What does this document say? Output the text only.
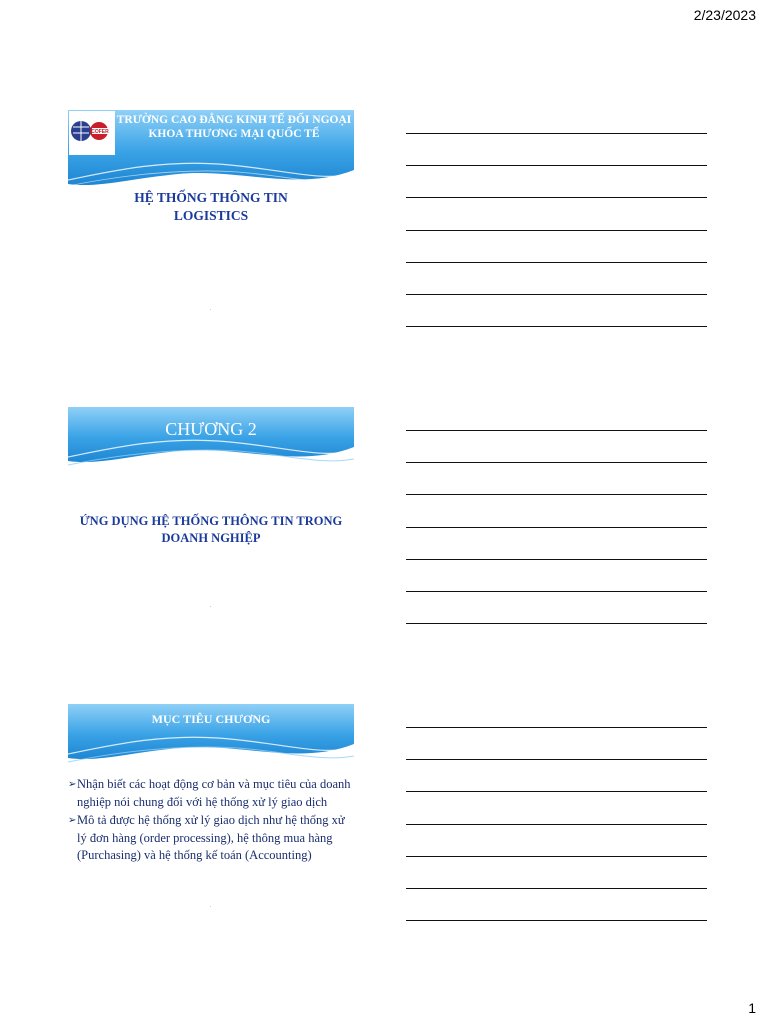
2/23/2023
COFER
TRƯỜNG CAO ĐẲNG KINH TẾ ĐỐI NGOẠI
KHOA THƯƠNG MẠI QUỐC TẾ
HỆ THỐNG THÔNG TIN
LOGISTICS
.
CHƯƠNG 2
ỨNG DỤNG HỆ THỐNG THÔNG TIN TRONG
DOANH NGHIỆP
.
MỤC TIÊU CHƯƠNG
➢ Nhận biết các hoạt động cơ bản và mục tiêu của doanh nghiệp nói chung đối với hệ thống xử lý giao dịch
➢ Mô tả được hệ thống xử lý giao dịch như hệ thống xử lý đơn hàng (order processing), hệ thông mua hàng (Purchasing) và hệ thống kế toán (Accounting)
.
1
